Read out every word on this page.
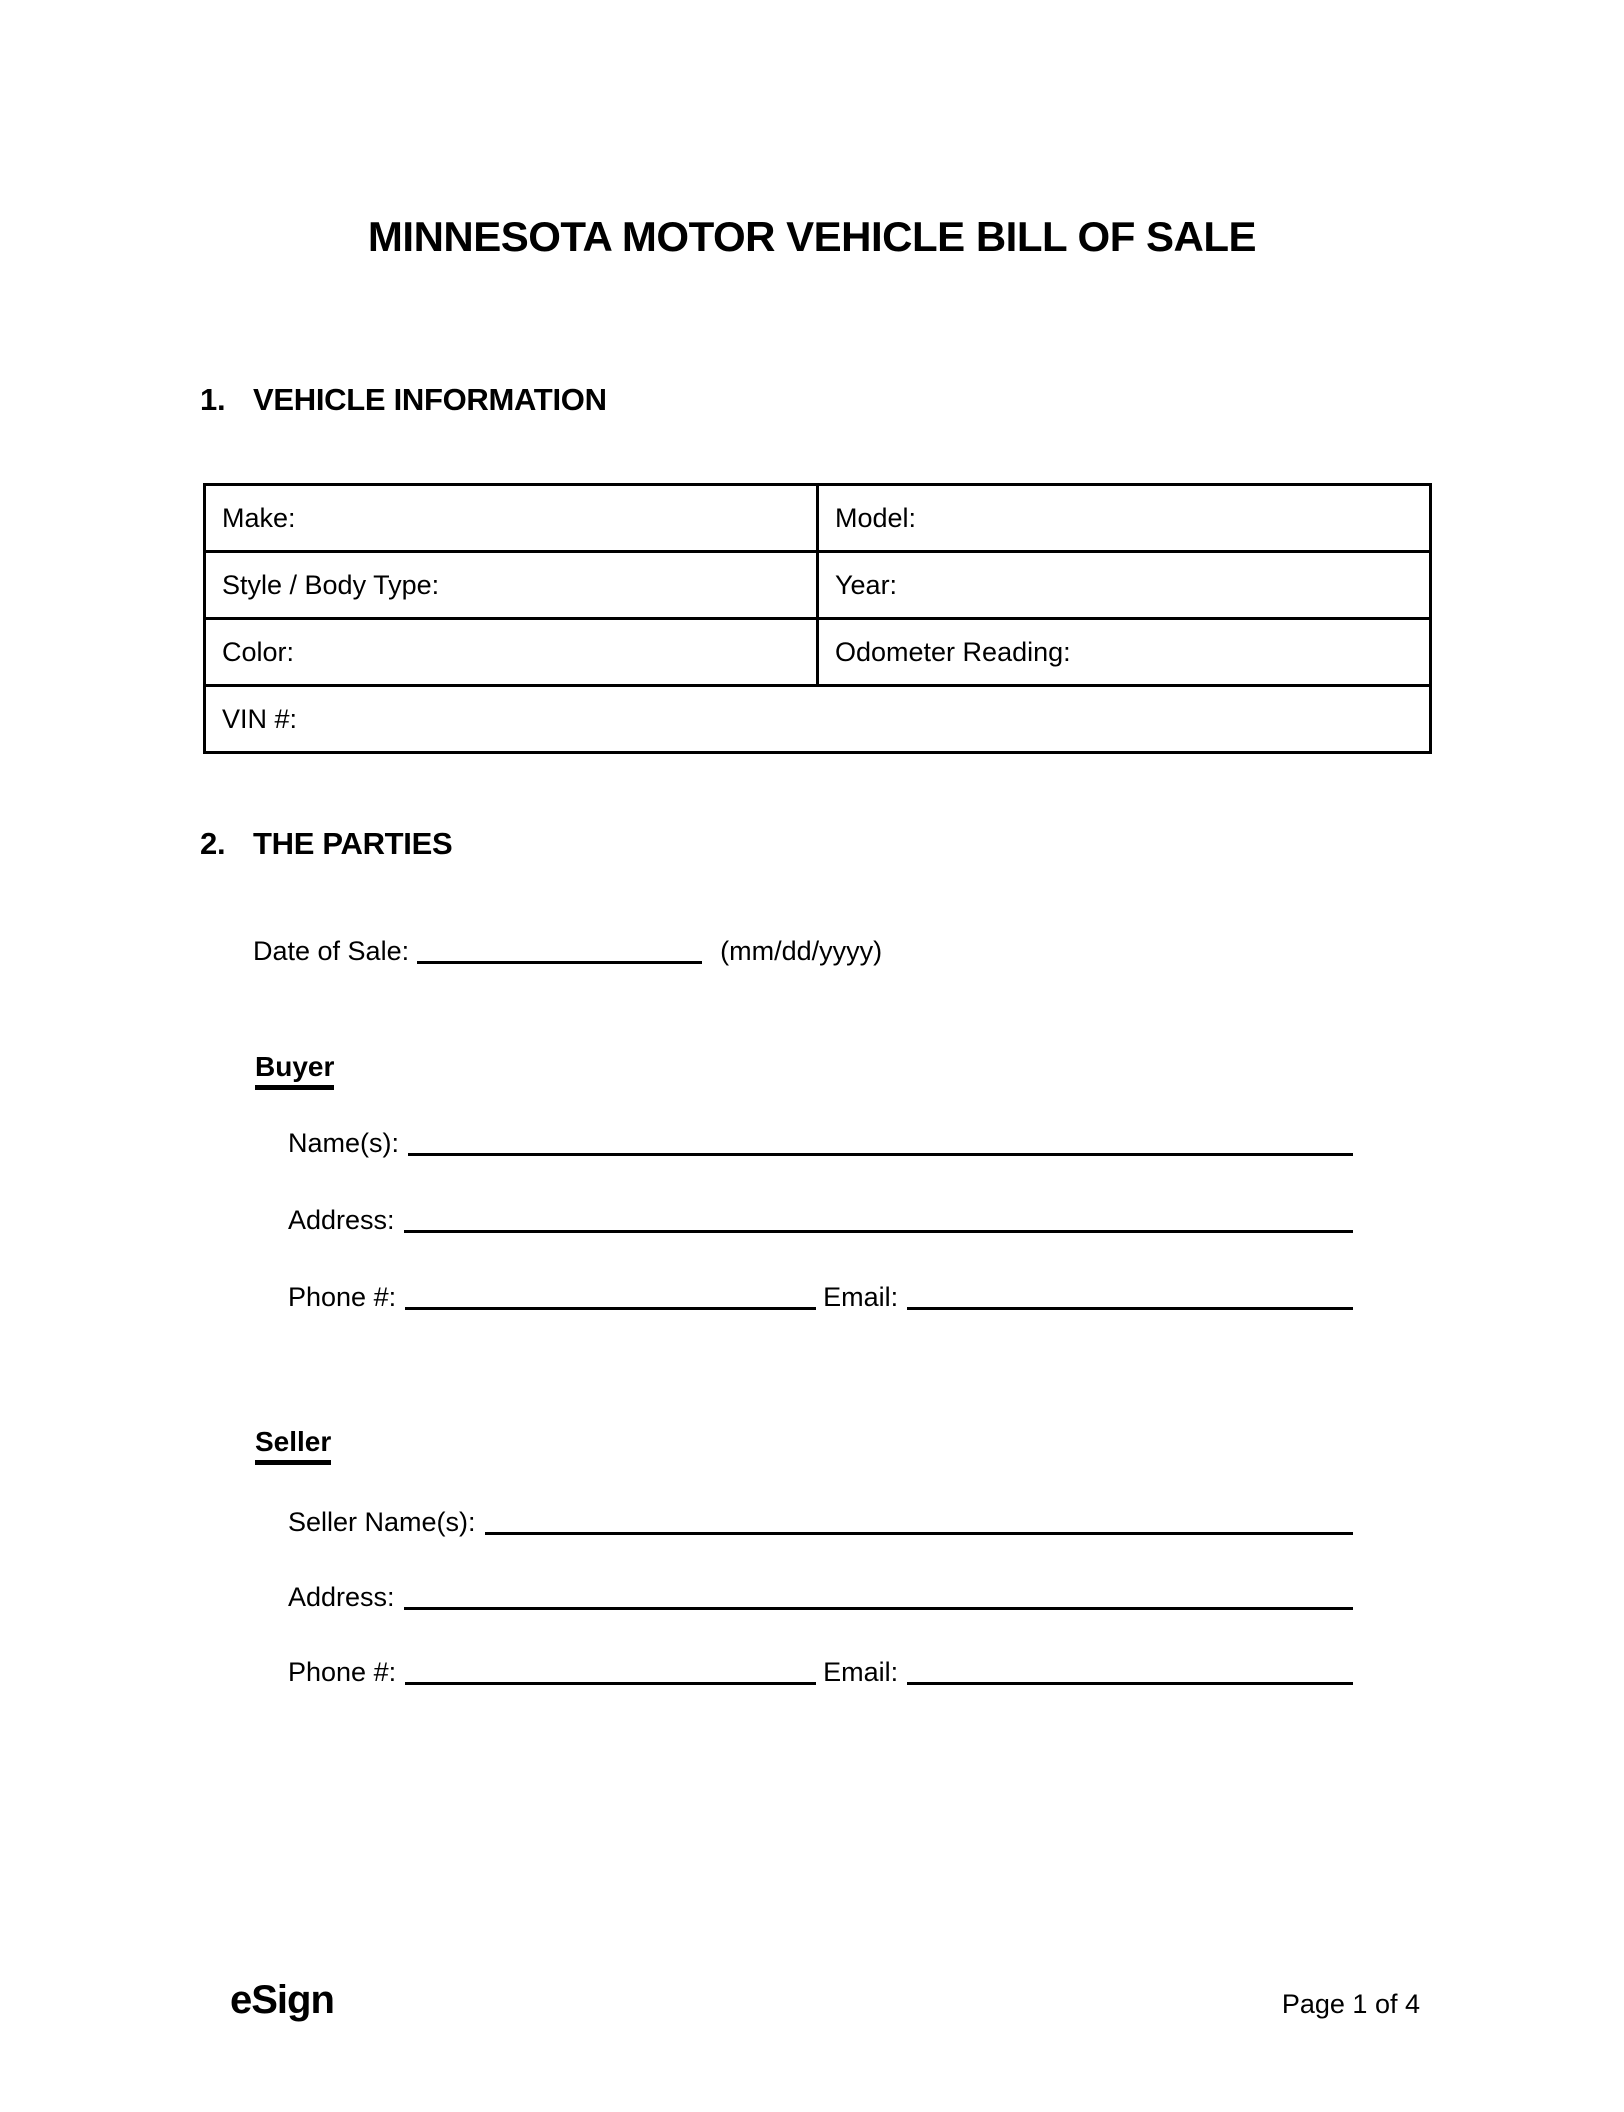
MINNESOTA MOTOR VEHICLE BILL OF SALE
1. VEHICLE INFORMATION
Make:	Model:
Style / Body Type:	Year:
Color:	Odometer Reading:
VIN #:	
2. THE PARTIES
Date of Sale:	(mm/dd/yyyy)
Buyer
Name(s):
Address:
Phone #:	Email:
Seller
Seller Name(s):
Address:
Phone #:	Email:
eSign	Page 1 of 4
